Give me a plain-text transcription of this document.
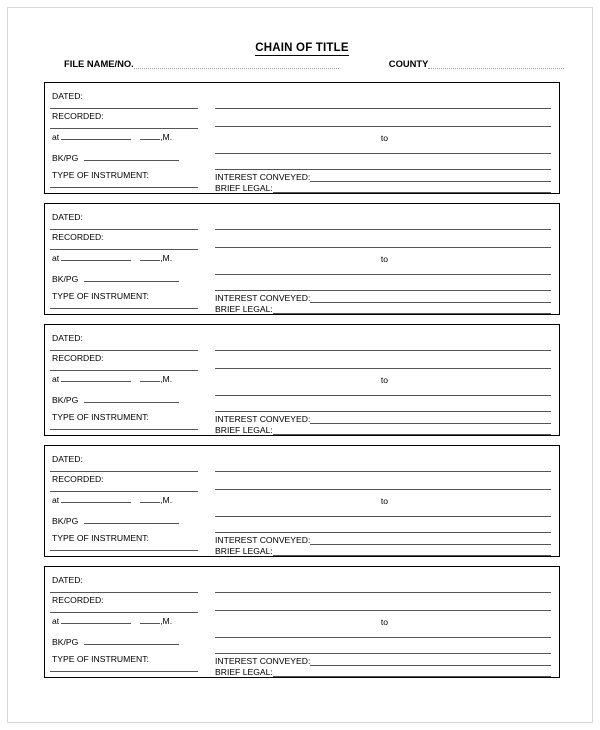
CHAIN OF TITLE
FILE NAME/NO.	COUNTY
DATED:
RECORDED:
at	,M.
BK/PG
TYPE OF INSTRUMENT:
to
INTEREST CONVEYED:
BRIEF LEGAL:
DATED:
RECORDED:
at	,M.
BK/PG
TYPE OF INSTRUMENT:
to
INTEREST CONVEYED:
BRIEF LEGAL:
DATED:
RECORDED:
at	,M.
BK/PG
TYPE OF INSTRUMENT:
to
INTEREST CONVEYED:
BRIEF LEGAL:
DATED:
RECORDED:
at	,M.
BK/PG
TYPE OF INSTRUMENT:
to
INTEREST CONVEYED:
BRIEF LEGAL:
DATED:
RECORDED:
at	,M.
BK/PG
TYPE OF INSTRUMENT:
to
INTEREST CONVEYED:
BRIEF LEGAL:
